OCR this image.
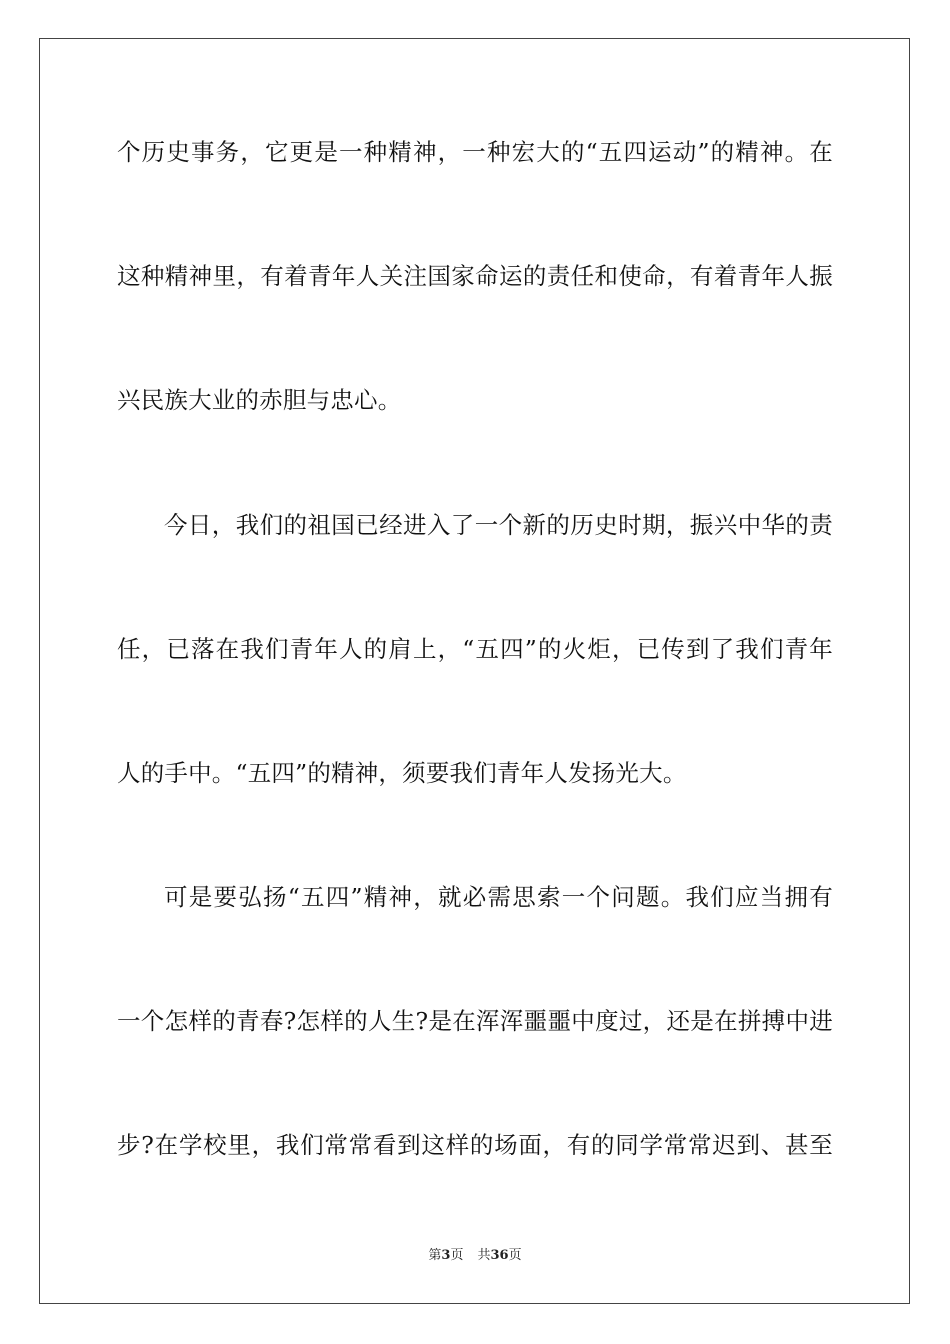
个历史事务，它更是一种精神，一种宏大的“五四运动”的精神。在
这种精神里，有着青年人关注国家命运的责任和使命，有着青年人振
兴民族大业的赤胆与忠心。
今日，我们的祖国已经进入了一个新的历史时期，振兴中华的责
任，已落在我们青年人的肩上，“五四”的火炬，已传到了我们青年
人的手中。“五四”的精神，须要我们青年人发扬光大。
可是要弘扬“五四”精神，就必需思索一个问题。我们应当拥有
一个怎样的青春?怎样的人生?是在浑浑噩噩中度过，还是在拼搏中进
步?在学校里，我们常常看到这样的场面，有的同学常常迟到、甚至
第3页 共36页
